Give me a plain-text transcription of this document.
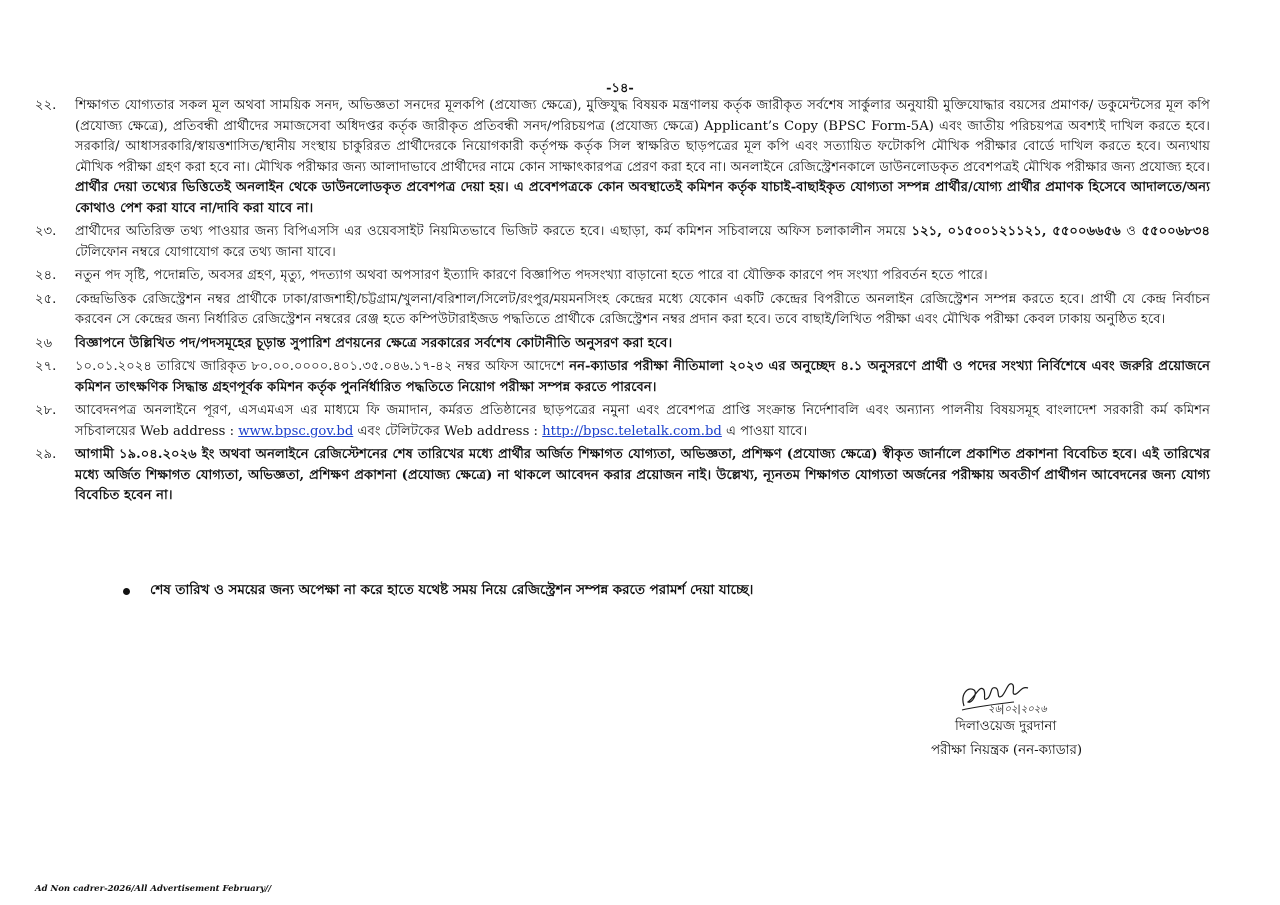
-১৪-
২২.	শিক্ষাগত যোগ্যতার সকল মূল অথবা সাময়িক সনদ, অভিজ্ঞতা সনদের মূলকপি (প্রযোজ্য ক্ষেত্রে), মুক্তিযুদ্ধ বিষয়ক মন্ত্রণালয় কর্তৃক জারীকৃত সর্বশেষ সার্কুলার অনুযায়ী মুক্তিযোদ্ধার বয়সের প্রমাণক/ ডকুমেন্টসের মূল কপি (প্রযোজ্য ক্ষেত্রে), প্রতিবন্ধী প্রার্থীদের সমাজসেবা অধিদপ্তর কর্তৃক জারীকৃত প্রতিবন্ধী সনদ/পরিচয়পত্র (প্রযোজ্য ক্ষেত্রে) Applicant’s Copy (BPSC Form-5A) এবং জাতীয় পরিচয়পত্র অবশ্যই দাখিল করতে হবে। সরকারি/ আধাসরকারি/স্বায়ত্তশাসিত/স্থানীয় সংস্থায় চাকুরিরত প্রার্থীদেরকে নিয়োগকারী কর্তৃপক্ষ কর্তৃক সিল স্বাক্ষরিত ছাড়পত্রের মূল কপি এবং সত্যায়িত ফটোকপি মৌখিক পরীক্ষার বোর্ডে দাখিল করতে হবে। অন্যথায় মৌখিক পরীক্ষা গ্রহণ করা হবে না। মৌখিক পরীক্ষার জন্য আলাদাভাবে প্রার্থীদের নামে কোন সাক্ষাৎকারপত্র প্রেরণ করা হবে না। অনলাইনে রেজিস্ট্রেশনকালে ডাউনলোডকৃত প্রবেশপত্রই মৌখিক পরীক্ষার জন্য প্রযোজ্য হবে। প্রার্থীর দেয়া তথ্যের ভিত্তিতেই অনলাইন থেকে ডাউনলোডকৃত প্রবেশপত্র দেয়া হয়। এ প্রবেশপত্রকে কোন অবস্থাতেই কমিশন কর্তৃক যাচাই-বাছাইকৃত যোগ্যতা সম্পন্ন প্রার্থীর/যোগ্য প্রার্থীর প্রমাণক হিসেবে আদালতে/অন্য কোথাও পেশ করা যাবে না/দাবি করা যাবে না।
২৩.	প্রার্থীদের অতিরিক্ত তথ্য পাওয়ার জন্য বিপিএসসি এর ওয়েবসাইট নিয়মিতভাবে ভিজিট করতে হবে। এছাড়া, কর্ম কমিশন সচিবালয়ে অফিস চলাকালীন সময়ে ১২১, ০১৫০০১২১১২১, ৫৫০০৬৬৫৬ ও ৫৫০০৬৮৩৪ টেলিফোন নম্বরে যোগাযোগ করে তথ্য জানা যাবে।
২৪.	নতুন পদ সৃষ্টি, পদোন্নতি, অবসর গ্রহণ, মৃত্যু, পদত্যাগ অথবা অপসারণ ইত্যাদি কারণে বিজ্ঞাপিত পদসংখ্যা বাড়ানো হতে পারে বা যৌক্তিক কারণে পদ সংখ্যা পরিবর্তন হতে পারে।
২৫.	কেন্দ্রভিত্তিক রেজিস্ট্রেশন নম্বর প্রার্থীকে ঢাকা/রাজশাহী/চট্টগ্রাম/খুলনা/বরিশাল/সিলেট/রংপুর/ময়মনসিংহ কেন্দ্রের মধ্যে যেকোন একটি কেন্দ্রের বিপরীতে অনলাইন রেজিস্ট্রেশন সম্পন্ন করতে হবে। প্রার্থী যে কেন্দ্র নির্বাচন করবেন সে কেন্দ্রের জন্য নির্ধারিত রেজিস্ট্রেশন নম্বরের রেঞ্জ হতে কম্পিউটারাইজড পদ্ধতিতে প্রার্থীকে রেজিস্ট্রেশন নম্বর প্রদান করা হবে। তবে বাছাই/লিখিত পরীক্ষা এবং মৌখিক পরীক্ষা কেবল ঢাকায় অনুষ্ঠিত হবে।
২৬	বিজ্ঞাপনে উল্লিখিত পদ/পদসমূহের চূড়ান্ত সুপারিশ প্রণয়নের ক্ষেত্রে সরকারের সর্বশেষ কোটানীতি অনুসরণ করা হবে।
২৭.	১০.০১.২০২৪ তারিখে জারিকৃত ৮০.০০.০০০০.৪০১.৩৫.০৪৬.১৭-৪২ নম্বর অফিস আদেশে নন-ক্যাডার পরীক্ষা নীতিমালা ২০২৩ এর অনুচ্ছেদ ৪.১ অনুসরণে প্রার্থী ও পদের সংখ্যা নির্বিশেষে এবং জরুরি প্রয়োজনে কমিশন তাৎক্ষণিক সিদ্ধান্ত গ্রহণপূর্বক কমিশন কর্তৃক পুনর্নির্ধারিত পদ্ধতিতে নিয়োগ পরীক্ষা সম্পন্ন করতে পারবেন।
২৮.	আবেদনপত্র অনলাইনে পূরণ, এসএমএস এর মাধ্যমে ফি জমাদান, কর্মরত প্রতিষ্ঠানের ছাড়পত্রের নমুনা এবং প্রবেশপত্র প্রাপ্তি সংক্রান্ত নির্দেশাবলি এবং অন্যান্য পালনীয় বিষয়সমূহ বাংলাদেশ সরকারী কর্ম কমিশন সচিবালয়ের Web address : www.bpsc.gov.bd এবং টেলিটকের Web address : http://bpsc.teletalk.com.bd এ পাওয়া যাবে।
২৯.	আগামী ১৯.০৪.২০২৬ ইং অথবা অনলাইনে রেজিস্টেশনের শেষ তারিখের মধ্যে প্রার্থীর অর্জিত শিক্ষাগত যোগ্যতা, অভিজ্ঞতা, প্রশিক্ষণ (প্রযোজ্য ক্ষেত্রে) স্বীকৃত জার্নালে প্রকাশিত প্রকাশনা বিবেচিত হবে। এই তারিখের মধ্যে অর্জিত শিক্ষাগত যোগ্যতা, অভিজ্ঞতা, প্রশিক্ষণ প্রকাশনা (প্রযোজ্য ক্ষেত্রে) না থাকলে আবেদন করার প্রয়োজন নাই। উল্লেখ্য, ন্যূনতম শিক্ষাগত যোগ্যতা অর্জনের পরীক্ষায় অবতীর্ণ প্রার্থীগন আবেদনের জন্য যোগ্য বিবেচিত হবেন না।
শেষ তারিখ ও সময়ের জন্য অপেক্ষা না করে হাতে যথেষ্ট সময় নিয়ে রেজিস্ট্রেশন সম্পন্ন করতে পরামর্শ দেয়া যাচ্ছে।
২৬|০২|২০২৬
দিলাওয়েজ দুরদানা
পরীক্ষা নিয়ন্ত্রক (নন-ক্যাডার)
Ad Non cadrer-2026/All Advertisement February//
